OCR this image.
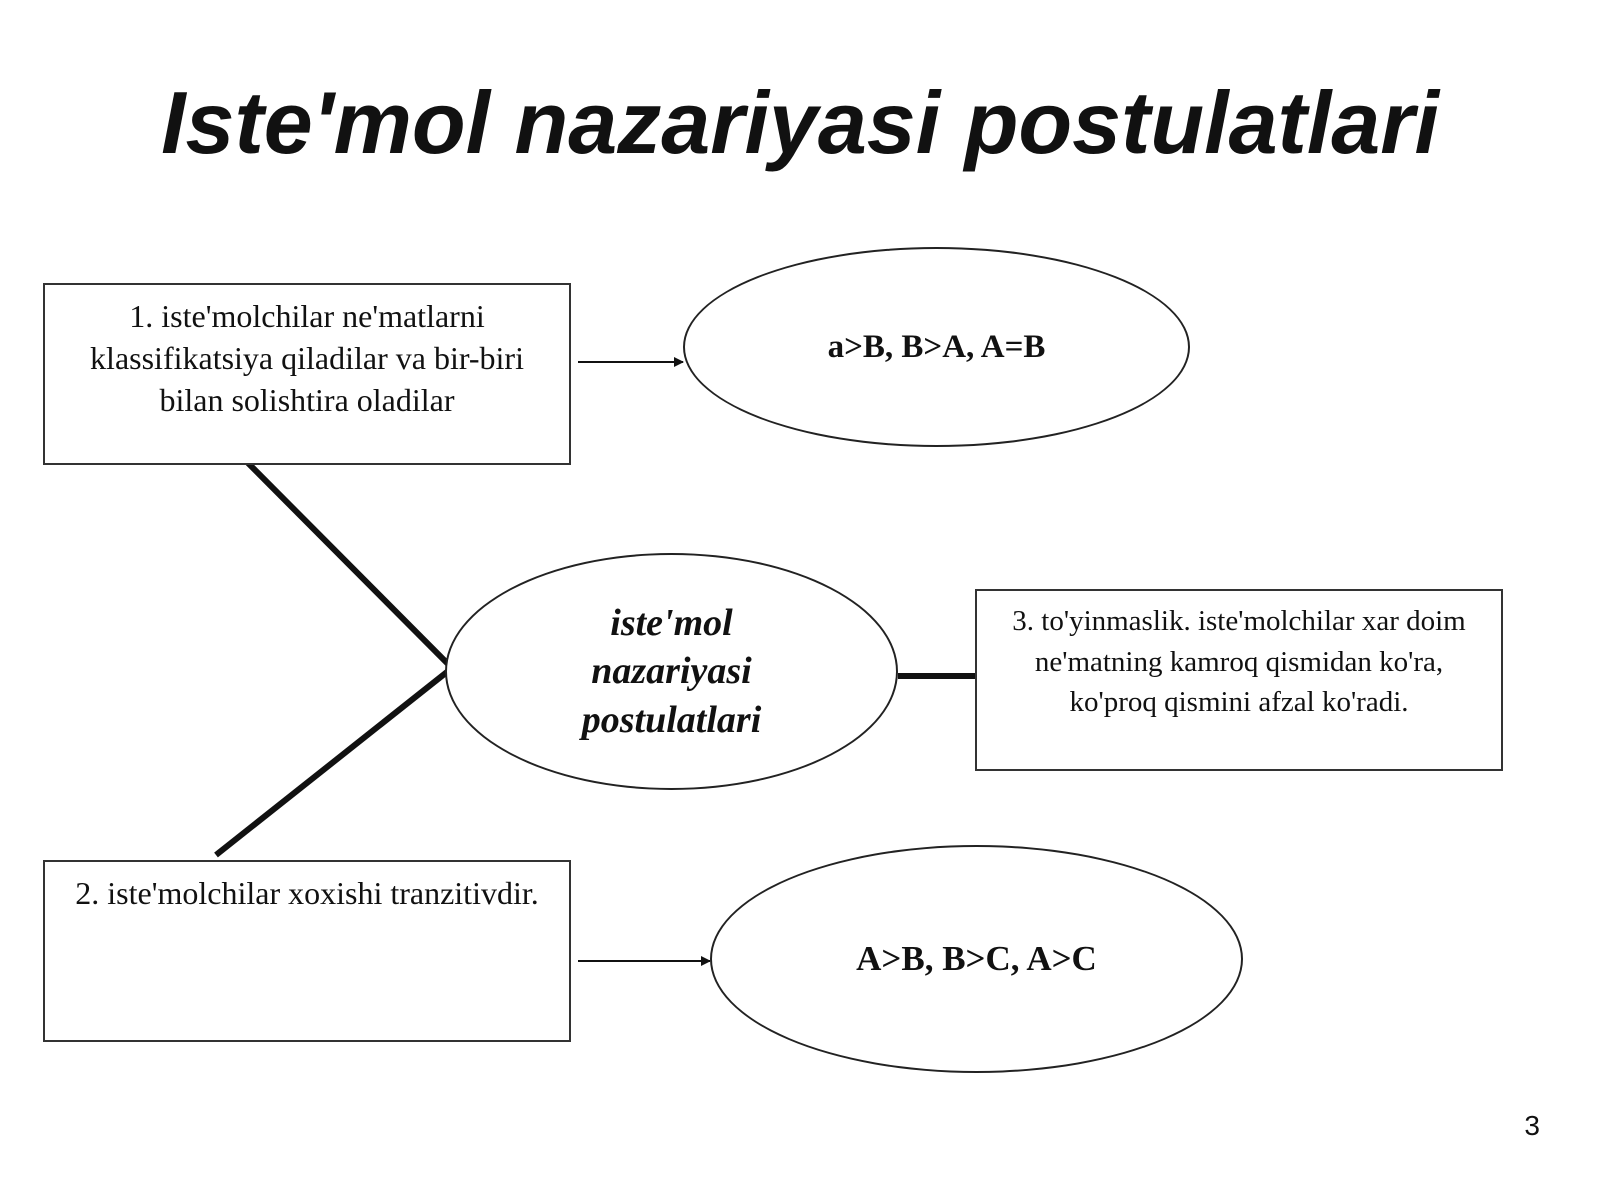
Iste'mol nazariyasi postulatlari
1. iste'molchilar ne'matlarni klassifikatsiya qiladilar va bir-biri bilan solishtira oladilar
2. iste'molchilar xoxishi tranzitivdir.
3. to'yinmaslik. iste'molchilar xar doim ne'matning kamroq qismidan ko'ra, ko'proq qismini afzal ko'radi.
a>B, B>A, A=B
iste'mol
nazariyasi
postulatlari
A>B, B>C, A>C
3
